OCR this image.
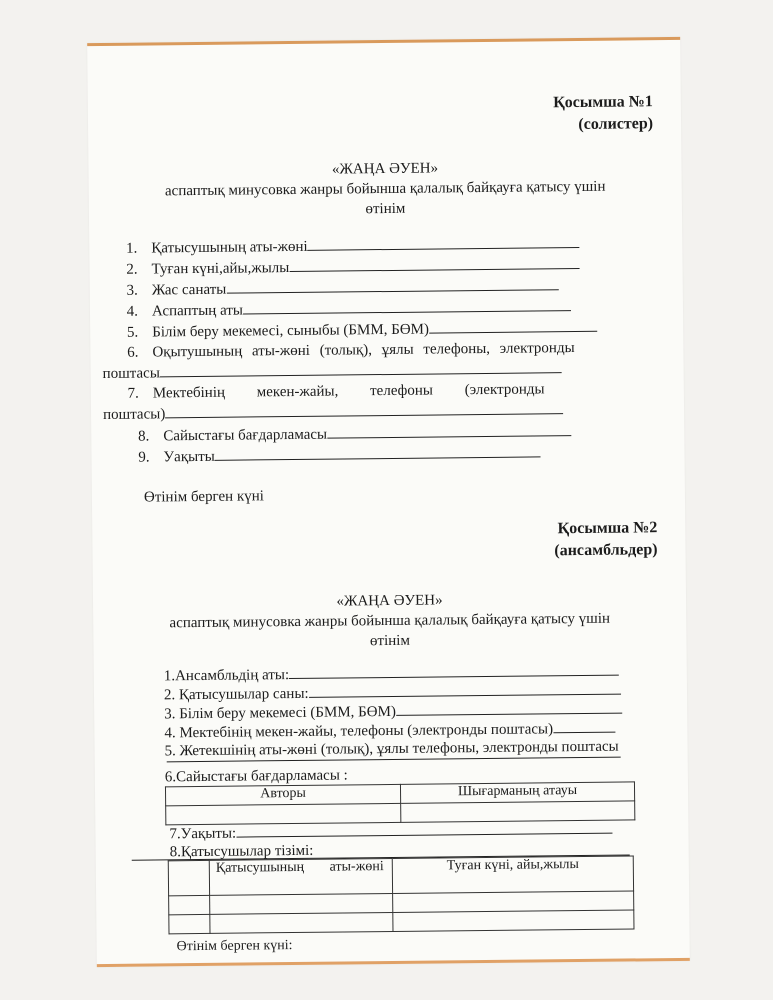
Қосымша №1
(солистер)
«ЖАҢА ӘУЕН»
аспаптық минусовка жанры бойынша қалалық байқауға қатысу үшін
өтінім
1. Қатысушының аты-жөні
2. Туған күні,айы,жылы
3. Жас санаты
4. Аспаптың аты
5. Білім беру мекемесі, сыныбы (БММ, БӨМ)
6. Оқытушының аты-жөні (толық), ұялы телефоны, электронды
поштасы
7. Мектебінің мекен-жайы, телефоны (электронды
поштасы)
8. Сайыстағы бағдарламасы
9. Уақыты
Өтінім берген күні
Қосымша №2
(ансамбльдер)
«ЖАҢА ӘУЕН»
аспаптық минусовка жанры бойынша қалалық байқауға қатысу үшін
өтінім
1.Ансамбльдің аты:
2. Қатысушылар саны:
3. Білім беру мекемесі (БММ, БӨМ)
4. Мектебінің мекен-жайы, телефоны (электронды поштасы)
5. Жетекшінің аты-жөні (толық), ұялы телефоны, электронды поштасы
6.Сайыстағы бағдарламасы :
Авторы	Шығарманың атауы

7.Уақыты:
8.Қатысушылар тізімі:
	Қатысушының аты-жөні	Туған күні, айы,жылы

Өтінім берген күні:
